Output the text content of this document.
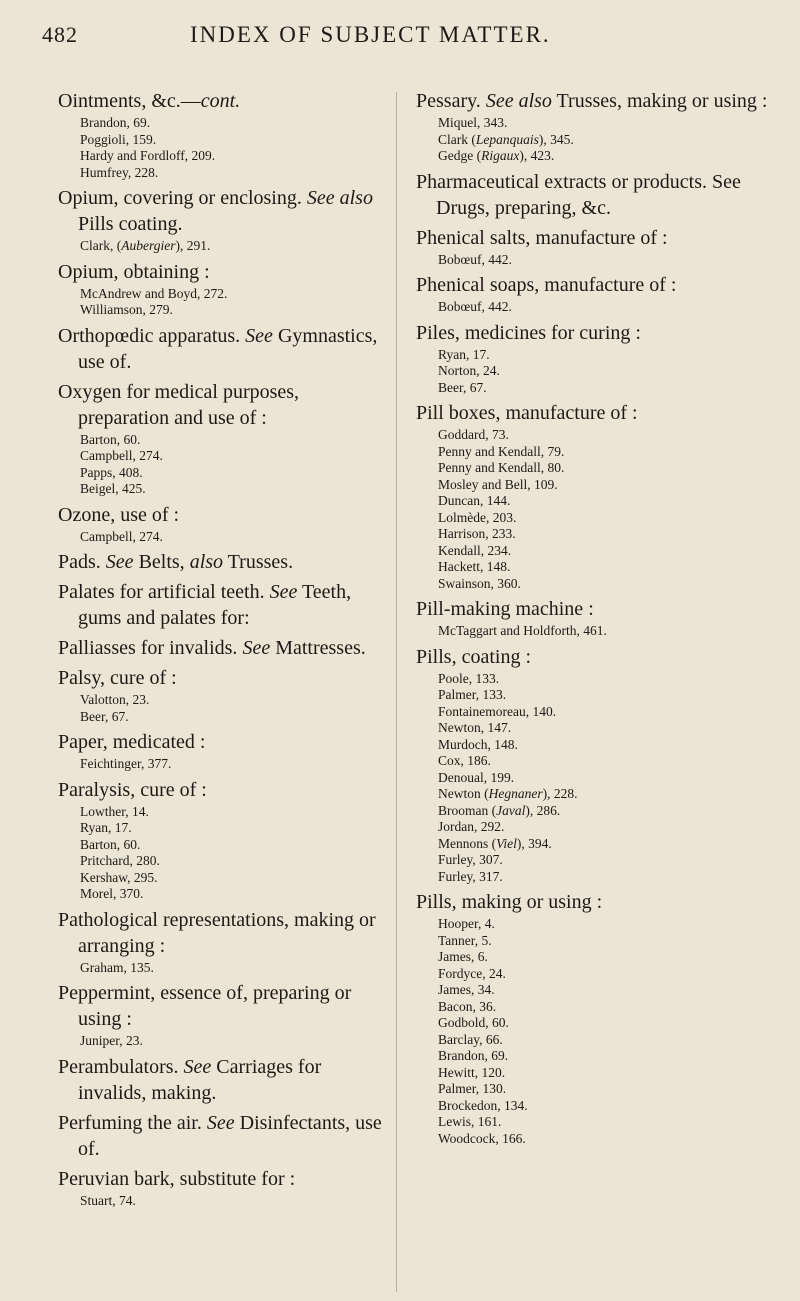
482	INDEX OF SUBJECT MATTER.
Ointments, &c.—cont.
Brandon, 69.
Poggioli, 159.
Hardy and Fordloff, 209.
Humfrey, 228.
Opium, covering or enclosing. See also Pills coating.
Clark, (Aubergier), 291.
Opium, obtaining :
McAndrew and Boyd, 272.
Williamson, 279.
Orthopœdic apparatus. See Gymnastics, use of.
Oxygen for medical purposes, preparation and use of :
Barton, 60.
Campbell, 274.
Papps, 408.
Beigel, 425.
Ozone, use of :
Campbell, 274.
Pads. See Belts, also Trusses.
Palates for artificial teeth. See Teeth, gums and palates for:
Palliasses for invalids. See Mattresses.
Palsy, cure of :
Valotton, 23.
Beer, 67.
Paper, medicated :
Feichtinger, 377.
Paralysis, cure of :
Lowther, 14.
Ryan, 17.
Barton, 60.
Pritchard, 280.
Kershaw, 295.
Morel, 370.
Pathological representations, making or arranging :
Graham, 135.
Peppermint, essence of, preparing or using :
Juniper, 23.
Perambulators. See Carriages for invalids, making.
Perfuming the air. See Disinfectants, use of.
Peruvian bark, substitute for :
Stuart, 74.
Pessary. See also Trusses, making or using :
Miquel, 343.
Clark (Lepanquais), 345.
Gedge (Rigaux), 423.
Pharmaceutical extracts or products. See Drugs, preparing, &c.
Phenical salts, manufacture of :
Bobœuf, 442.
Phenical soaps, manufacture of :
Bobœuf, 442.
Piles, medicines for curing :
Ryan, 17.
Norton, 24.
Beer, 67.
Pill boxes, manufacture of :
Goddard, 73.
Penny and Kendall, 79.
Penny and Kendall, 80.
Mosley and Bell, 109.
Duncan, 144.
Lolmède, 203.
Harrison, 233.
Kendall, 234.
Hackett, 148.
Swainson, 360.
Pill-making machine :
McTaggart and Holdforth, 461.
Pills, coating :
Poole, 133.
Palmer, 133.
Fontainemoreau, 140.
Newton, 147.
Murdoch, 148.
Cox, 186.
Denoual, 199.
Newton (Hegnaner), 228.
Brooman (Javal), 286.
Jordan, 292.
Mennons (Viel), 394.
Furley, 307.
Furley, 317.
Pills, making or using :
Hooper, 4.
Tanner, 5.
James, 6.
Fordyce, 24.
James, 34.
Bacon, 36.
Godbold, 60.
Barclay, 66.
Brandon, 69.
Hewitt, 120.
Palmer, 130.
Brockedon, 134.
Lewis, 161.
Woodcock, 166.
